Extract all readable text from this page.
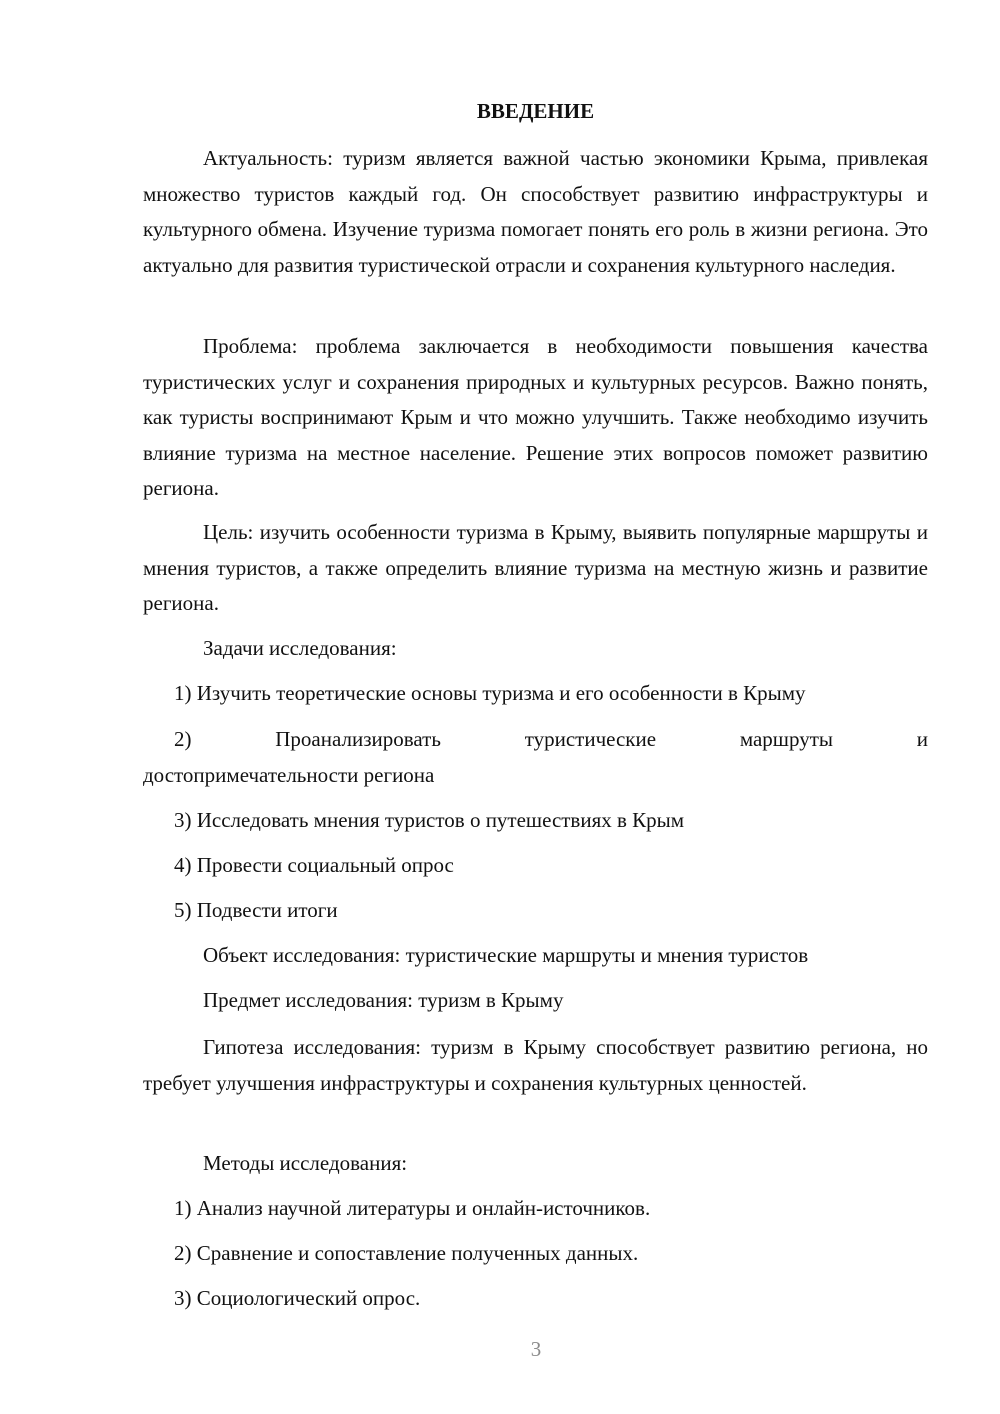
ВВЕДЕНИЕ
Актуальность: туризм является важной частью экономики Крыма, привлекая множество туристов каждый год. Он способствует развитию инфраструктуры и культурного обмена. Изучение туризма помогает понять его роль в жизни региона. Это актуально для развития туристической отрасли и сохранения культурного наследия.
Проблема: проблема заключается в необходимости повышения качества туристических услуг и сохранения природных и культурных ресурсов. Важно понять, как туристы воспринимают Крым и что можно улучшить. Также необходимо изучить влияние туризма на местное население. Решение этих вопросов поможет развитию региона.
Цель: изучить особенности туризма в Крыму, выявить популярные маршруты и мнения туристов, а также определить влияние туризма на местную жизнь и развитие региона.
Задачи исследования:
1) Изучить теоретические основы туризма и его особенности в Крыму
2) Проанализировать туристические маршруты и
достопримечательности региона
3) Исследовать мнения туристов о путешествиях в Крым
4) Провести социальный опрос
5) Подвести итоги
Объект исследования: туристические маршруты и мнения туристов
Предмет исследования: туризм в Крыму
Гипотеза исследования: туризм в Крыму способствует развитию региона, но требует улучшения инфраструктуры и сохранения культурных ценностей.
Методы исследования:
1) Анализ научной литературы и онлайн-источников.
2) Сравнение и сопоставление полученных данных.
3) Социологический опрос.
3
